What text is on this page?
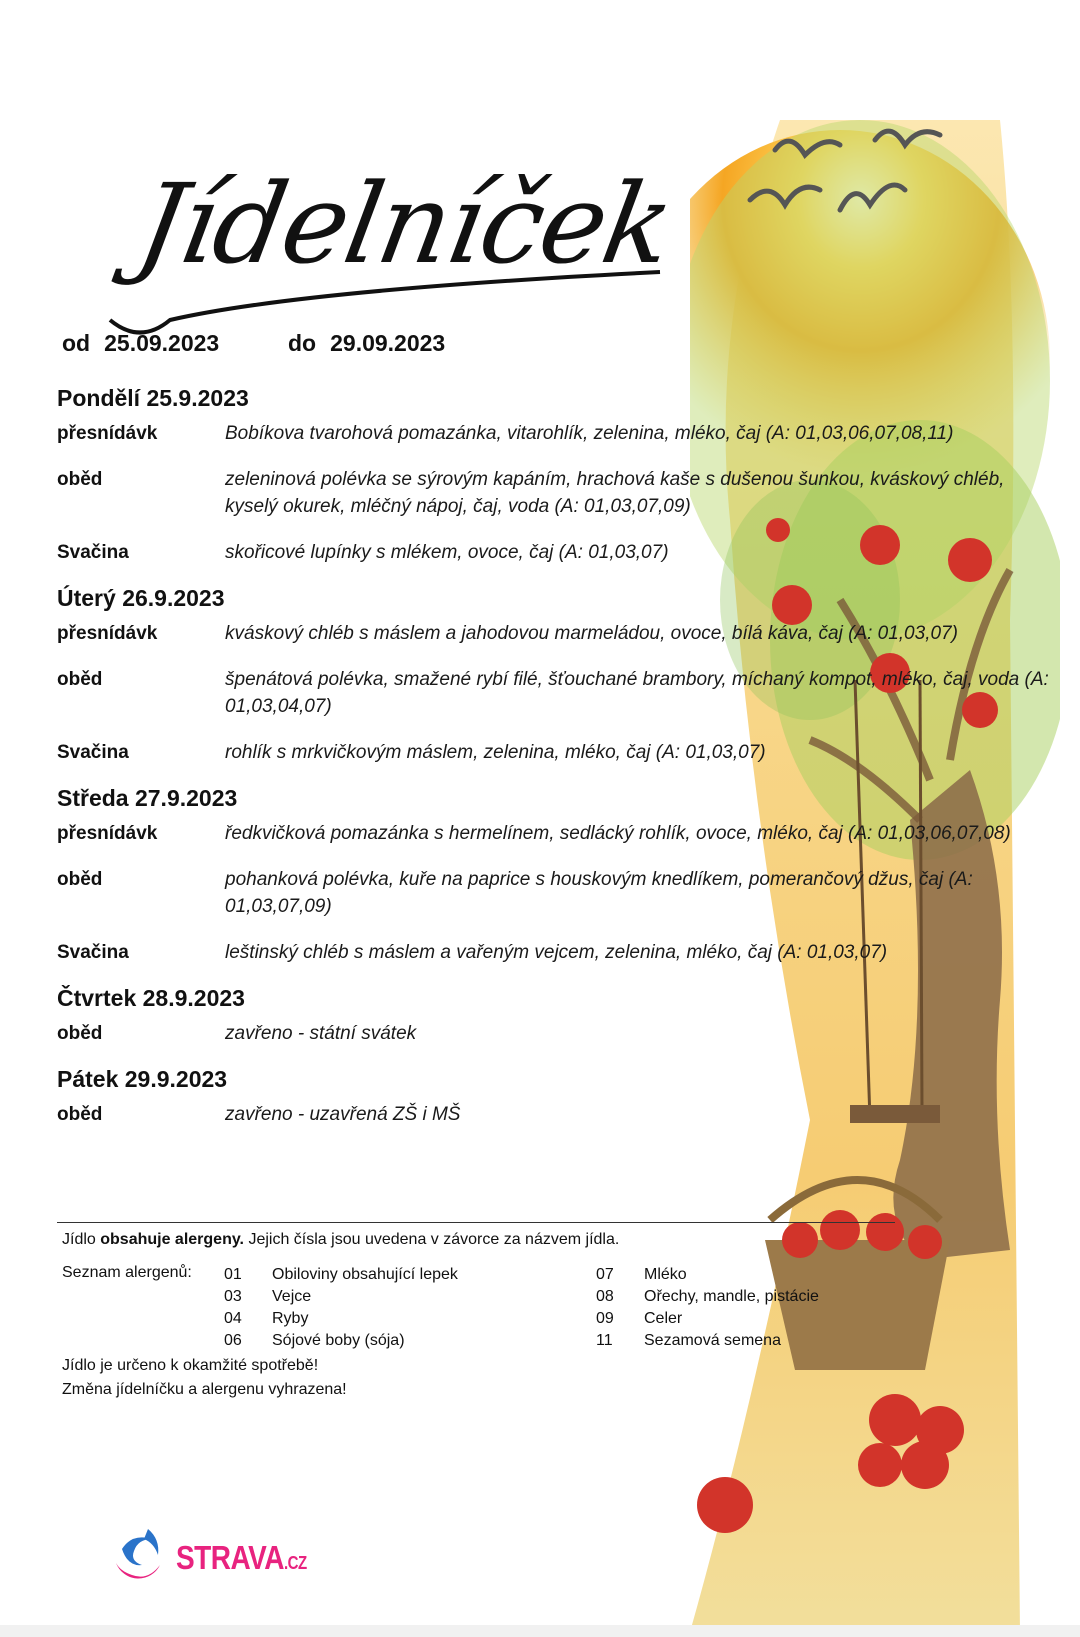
Jídelníček
od 25.09.2023	do 29.09.2023
Pondělí 25.9.2023
přesnídávk	Bobíkova tvarohová pomazánka, vitarohlík, zelenina, mléko, čaj (A: 01,03,06,07,08,11)
oběd	zeleninová polévka se sýrovým kapáním, hrachová kaše s dušenou šunkou, kváskový chléb, kyselý okurek, mléčný nápoj, čaj, voda (A: 01,03,07,09)
Svačina	skořicové lupínky s mlékem, ovoce, čaj (A: 01,03,07)
Úterý 26.9.2023
přesnídávk	kváskový chléb s máslem a jahodovou marmeládou, ovoce, bílá káva, čaj (A: 01,03,07)
oběd	špenátová polévka, smažené rybí filé, šťouchané brambory, míchaný kompot, mléko, čaj, voda (A: 01,03,04,07)
Svačina	rohlík s mrkvičkovým máslem, zelenina, mléko, čaj (A: 01,03,07)
Středa 27.9.2023
přesnídávk	ředkvičková pomazánka s hermelínem, sedlácký rohlík, ovoce, mléko, čaj (A: 01,03,06,07,08)
oběd	pohanková polévka, kuře na paprice s houskovým knedlíkem, pomerančový džus, čaj (A: 01,03,07,09)
Svačina	leštinský chléb s máslem a vařeným vejcem, zelenina, mléko, čaj (A: 01,03,07)
Čtvrtek 28.9.2023
oběd	zavřeno - státní svátek
Pátek 29.9.2023
oběd	zavřeno - uzavřená ZŠ i MŠ
Jídlo obsahuje alergeny. Jejich čísla jsou uvedena v závorce za názvem jídla.
Seznam alergenů: 01	Obiloviny obsahující lepek
03	Vejce
04	Ryby
06	Sójové boby (sója)
07	Mléko
08	Ořechy, mandle, pistácie
09	Celer
11	Sezamová semena
Jídlo je určeno k okamžité spotřebě!
Změna jídelníčku a alergenu vyhrazena!
STRAVA.CZ
